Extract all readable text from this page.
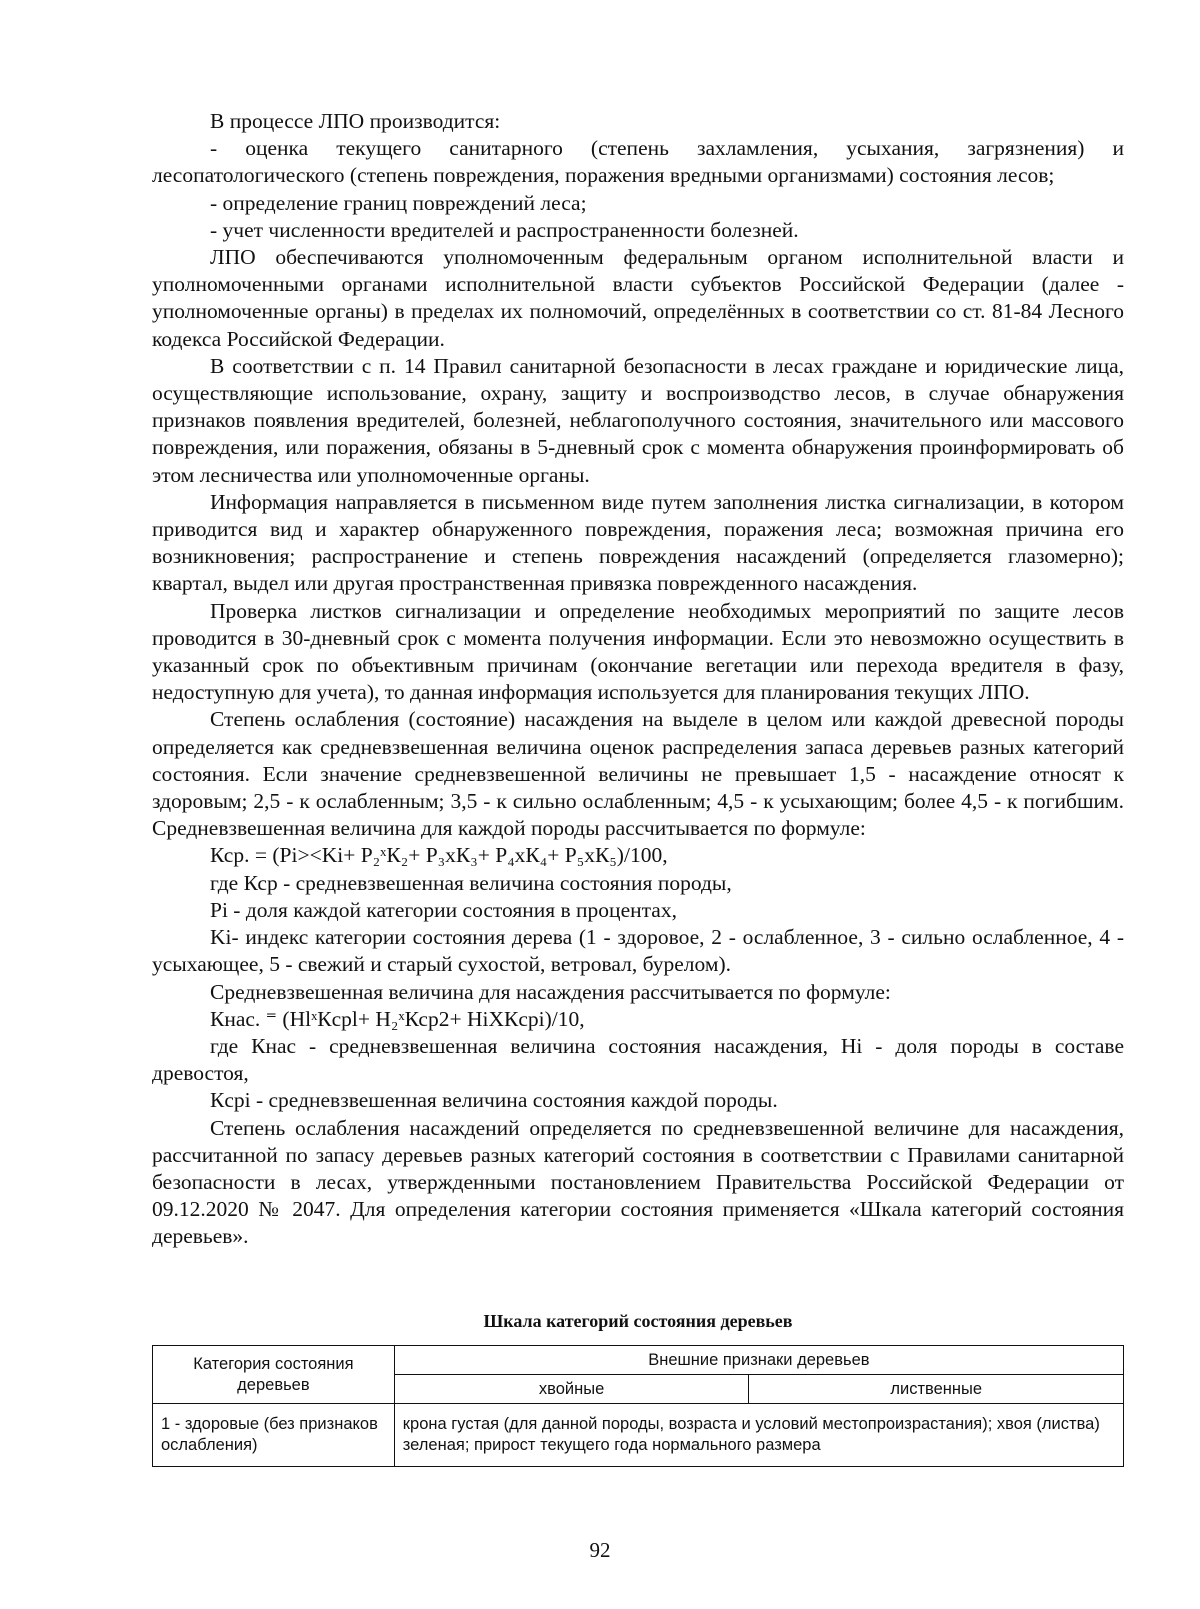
В процессе ЛПО производится:

- оценка текущего санитарного (степень захламления, усыхания, загрязнения) и лесопатологического (степень повреждения, поражения вредными организмами) состояния лесов;

- определение границ повреждений леса;

- учет численности вредителей и распространенности болезней.

ЛПО обеспечиваются уполномоченным федеральным органом исполнительной власти и уполномоченными органами исполнительной власти субъектов Российской Федерации (далее - уполномоченные органы) в пределах их полномочий, определённых в соответствии со ст. 81-84 Лесного кодекса Российской Федерации.

В соответствии с п. 14 Правил санитарной безопасности в лесах граждане и юридические лица, осуществляющие использование, охрану, защиту и воспроизводство лесов, в случае обнаружения признаков появления вредителей, болезней, неблагополучного состояния, значительного или массового повреждения, или поражения, обязаны в 5-дневный срок с момента обнаружения проинформировать об этом лесничества или уполномоченные органы.

Информация направляется в письменном виде путем заполнения листка сигнализации, в котором приводится вид и характер обнаруженного повреждения, поражения леса; возможная причина его возникновения; распространение и степень повреждения насаждений (определяется глазомерно); квартал, выдел или другая пространственная привязка поврежденного насаждения.

Проверка листков сигнализации и определение необходимых мероприятий по защите лесов проводится в 30-дневный срок с момента получения информации. Если это невозможно осуществить в указанный срок по объективным причинам (окончание вегетации или перехода вредителя в фазу, недоступную для учета), то данная информация используется для планирования текущих ЛПО.

Степень ослабления (состояние) насаждения на выделе в целом или каждой древесной породы определяется как средневзвешенная величина оценок распределения запаса деревьев разных категорий состояния. Если значение средневзвешенной величины не превышает 1,5 - насаждение относят к здоровым; 2,5 - к ослабленным; 3,5 - к сильно ослабленным; 4,5 - к усыхающим; более 4,5 - к погибшим. Средневзвешенная величина для каждой породы рассчитывается по формуле:

Кср. = (Pi><Ki+ P₂ˣК₂+ P₃xК₃+ P₄xК₄+ P₅xК₅)/100,

где Кср - средневзвешенная величина состояния породы,

Pi - доля каждой категории состояния в процентах,

Ki- индекс категории состояния дерева (1 - здоровое, 2 - ослабленное, 3 - сильно ослабленное, 4 - усыхающее, 5 - свежий и старый сухостой, ветровал, бурелом).

Средневзвешенная величина для насаждения рассчитывается по формуле:

Кнас. ⁼ (HlˣКcpl+ H₂ˣКср2+ HiXКcpi)/10,

где Кнас - средневзвешенная величина состояния насаждения, Hi - доля породы в составе древостоя,

Кcpi - средневзвешенная величина состояния каждой породы.

Степень ослабления насаждений определяется по средневзвешенной величине для насаждения, рассчитанной по запасу деревьев разных категорий состояния в соответствии с Правилами санитарной безопасности в лесах, утвержденными постановлением Правительства Российской Федерации от 09.12.2020 № 2047. Для определения категории состояния применяется «Шкала категорий состояния деревьев».

Шкала категорий состояния деревьев
Категория состояния деревьев	Внешние признаки деревьев	
	хвойные	лиственные
1 - здоровые (без признаков ослабления)	крона густая (для данной породы, возраста и условий местопроизрастания); хвоя (листва) зеленая; прирост текущего года нормального размера	
92
